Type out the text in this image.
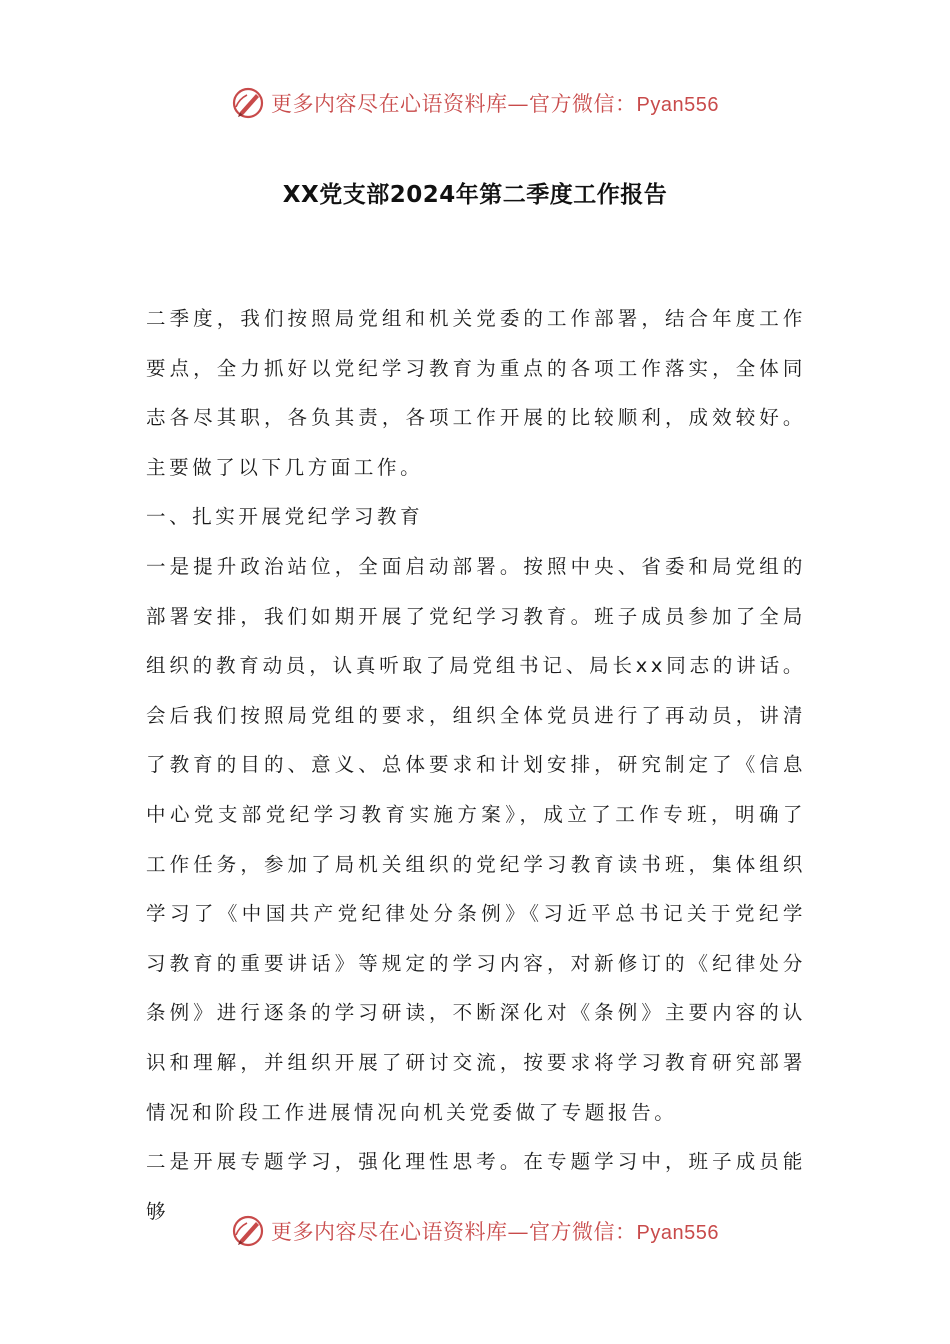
更多内容尽在心语资料库—官方微信：Pyan556
XX党支部2024年第二季度工作报告

二季度，我们按照局党组和机关党委的工作部署，结合年度工作要点，全力抓好以党纪学习教育为重点的各项工作落实，全体同志各尽其职，各负其责，各项工作开展的比较顺利，成效较好。主要做了以下几方面工作。

一、扎实开展党纪学习教育

一是提升政治站位，全面启动部署。按照中央、省委和局党组的部署安排，我们如期开展了党纪学习教育。班子成员参加了全局组织的教育动员，认真听取了局党组书记、局长xx同志的讲话。会后我们按照局党组的要求，组织全体党员进行了再动员，讲清了教育的目的、意义、总体要求和计划安排，研究制定了《信息中心党支部党纪学习教育实施方案》，成立了工作专班，明确了工作任务，参加了局机关组织的党纪学习教育读书班，集体组织学习了《中国共产党纪律处分条例》《习近平总书记关于党纪学习教育的重要讲话》等规定的学习内容，对新修订的《纪律处分条例》进行逐条的学习研读，不断深化对《条例》主要内容的认识和理解，并组织开展了研讨交流，按要求将学习教育研究部署情况和阶段工作进展情况向机关党委做了专题报告。

二是开展专题学习，强化理性思考。在专题学习中，班子成员能够

更多内容尽在心语资料库—官方微信：Pyan556
